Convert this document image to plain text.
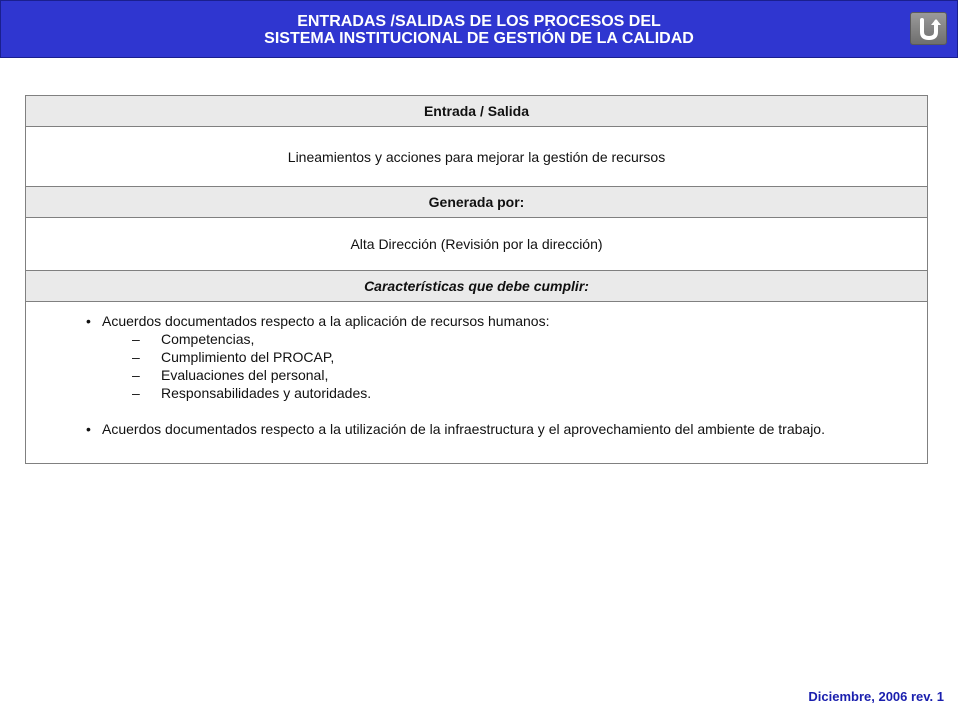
ENTRADAS /SALIDAS DE LOS PROCESOS DEL
SISTEMA INSTITUCIONAL DE GESTIÓN DE LA CALIDAD
Entrada / Salida
Lineamientos y acciones para mejorar la gestión de recursos
Generada por:
Alta Dirección (Revisión por la dirección)
Características que debe cumplir:
• Acuerdos documentados respecto a la aplicación de recursos humanos:
– Competencias,
– Cumplimiento del PROCAP,
– Evaluaciones del personal,
– Responsabilidades y autoridades.
• Acuerdos documentados respecto a la utilización de la infraestructura y el aprovechamiento del ambiente de trabajo.
Diciembre, 2006 rev. 1
